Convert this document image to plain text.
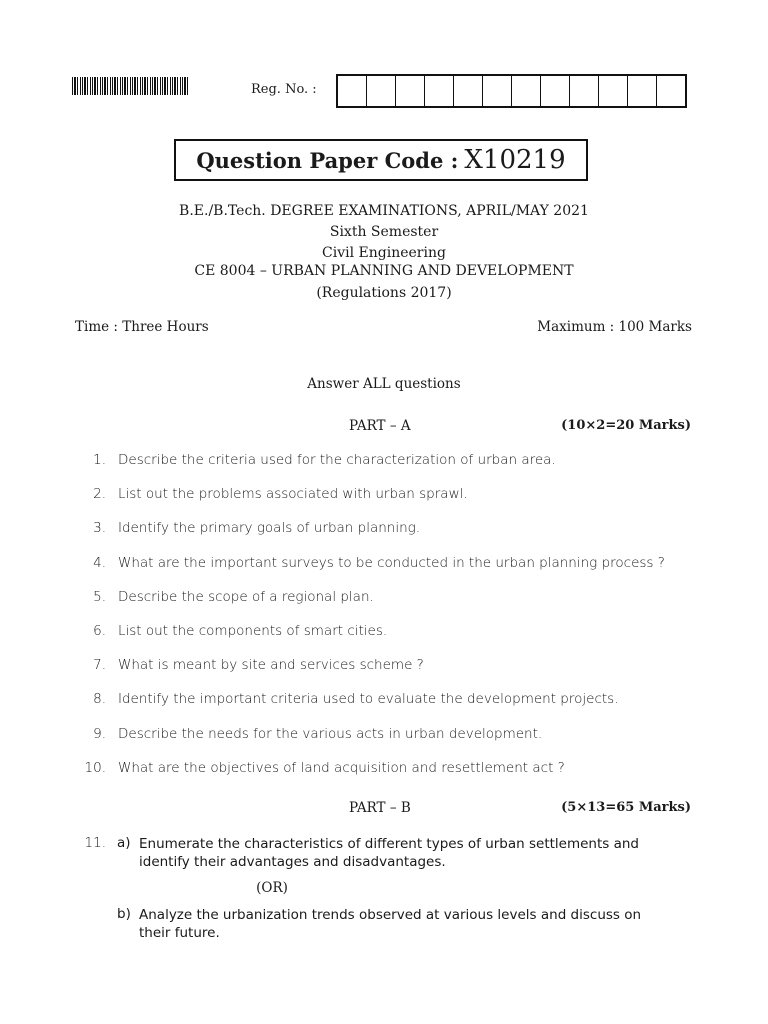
Reg. No. :
Question Paper Code : X10219
B.E./B.Tech. DEGREE EXAMINATIONS, APRIL/MAY 2021
Sixth Semester
Civil Engineering
CE 8004 – URBAN PLANNING AND DEVELOPMENT
(Regulations 2017)
Time : Three Hours	Maximum : 100 Marks
Answer ALL questions
PART – A	(10×2=20 Marks)
1. Describe the criteria used for the characterization of urban area.
2. List out the problems associated with urban sprawl.
3. Identify the primary goals of urban planning.
4. What are the important surveys to be conducted in the urban planning process ?
5. Describe the scope of a regional plan.
6. List out the components of smart cities.
7. What is meant by site and services scheme ?
8. Identify the important criteria used to evaluate the development projects.
9. Describe the needs for the various acts in urban development.
10. What are the objectives of land acquisition and resettlement act ?
PART – B	(5×13=65 Marks)
11. a) Enumerate the characteristics of different types of urban settlements and identify their advantages and disadvantages.
(OR)
b) Analyze the urbanization trends observed at various levels and discuss on their future.
